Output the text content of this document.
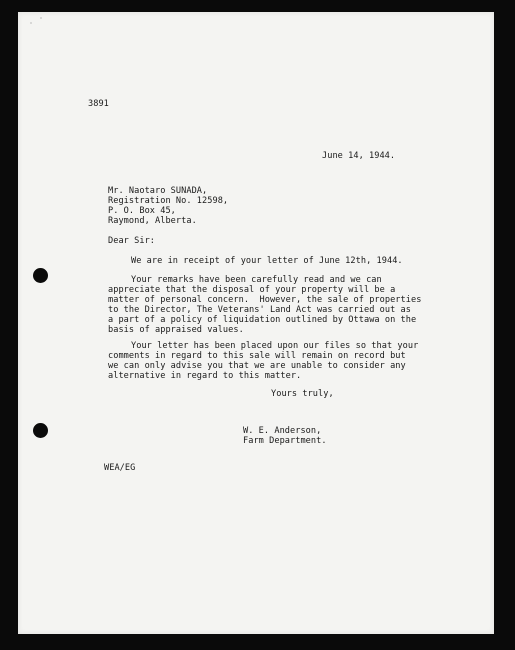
3891

June 14, 1944.

Mr. Naotaro SUNADA,

Registration No. 12598,

P. O. Box 45,

Raymond, Alberta.

Dear Sir:

We are in receipt of your letter of June 12th, 1944.

Your remarks have been carefully read and we can

appreciate that the disposal of your property will be a

matter of personal concern.  However, the sale of properties

to the Director, The Veterans' Land Act was carried out as

a part of a policy of liquidation outlined by Ottawa on the

basis of appraised values.

Your letter has been placed upon our files so that your

comments in regard to this sale will remain on record but

we can only advise you that we are unable to consider any

alternative in regard to this matter.

Yours truly,

W. E. Anderson,

Farm Department.

WEA/EG
